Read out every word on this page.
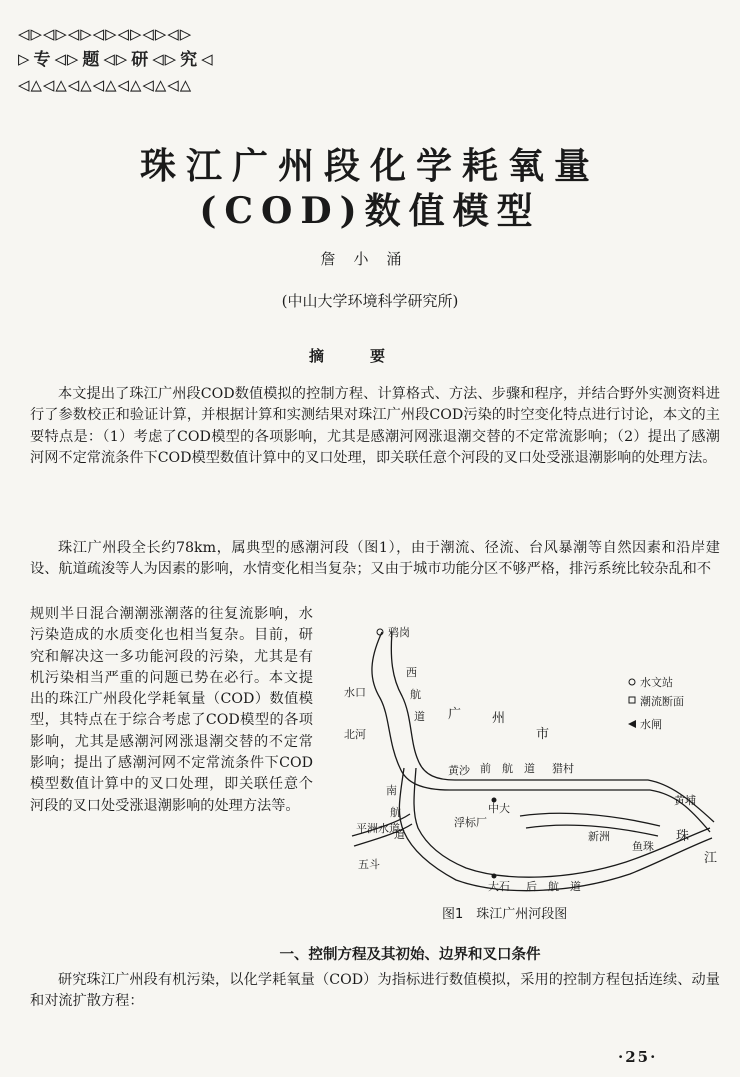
◁▷◁▷◁▷◁▷◁▷◁▷◁▷
▷ 专 ◁▷ 题 ◁▷ 研 ◁▷ 究 ◁
◁△◁△◁△◁△◁△◁△◁△
珠江广州段化学耗氧量
(COD)数值模型
詹小涌
(中山大学环境科学研究所)
摘要

本文提出了珠江广州段COD数值模拟的控制方程、计算格式、方法、步骤和程序，并结合野外实测资料进行了参数校正和验证计算，并根据计算和实测结果对珠江广州段COD污染的时空变化特点进行讨论，本文的主要特点是：（1）考虑了COD模型的各项影响，尤其是感潮河网涨退潮交替的不定常流影响；（2）提出了感潮河网不定常流条件下COD模型数值计算中的叉口处理，即关联任意个河段的叉口处受涨退潮影响的处理方法。

珠江广州段全长约78km，属典型的感潮河段（图1），由于潮流、径流、台风暴潮等自然因素和沿岸建设、航道疏浚等人为因素的影响，水情变化相当复杂；又由于城市功能分区不够严格，排污系统比较杂乱和不

规则半日混合潮潮涨潮落的往复流影响，水污染造成的水质变化也相当复杂。目前，研究和解决这一多功能河段的污染，尤其是有机污染相当严重的问题已势在必行。本文提出的珠江广州段化学耗氧量（COD）数值模型，其特点在于综合考虑了COD模型的各项影响，尤其是感潮河网涨退潮交替的不定常影响；提出了感潮河网不定常流条件下COD模型数值计算中的叉口处理，即关联任意个河段的叉口处受涨退潮影响的处理方法等。

水文站
潮流断面
水闸
鸦岗
西
航
道
水口
广 州
市
北河
黄沙 前 航 道 猎村
中大
黄埔
南
航
道
浮标厂
平洲水道
新洲
鱼珠
珠
江
五斗
大石 后 航 道
图1　珠江广州河段图
一、控制方程及其初始、边界和叉口条件

研究珠江广州段有机污染，以化学耗氧量（COD）为指标进行数值模拟，采用的控制方程包括连续、动量和对流扩散方程：

·25·
